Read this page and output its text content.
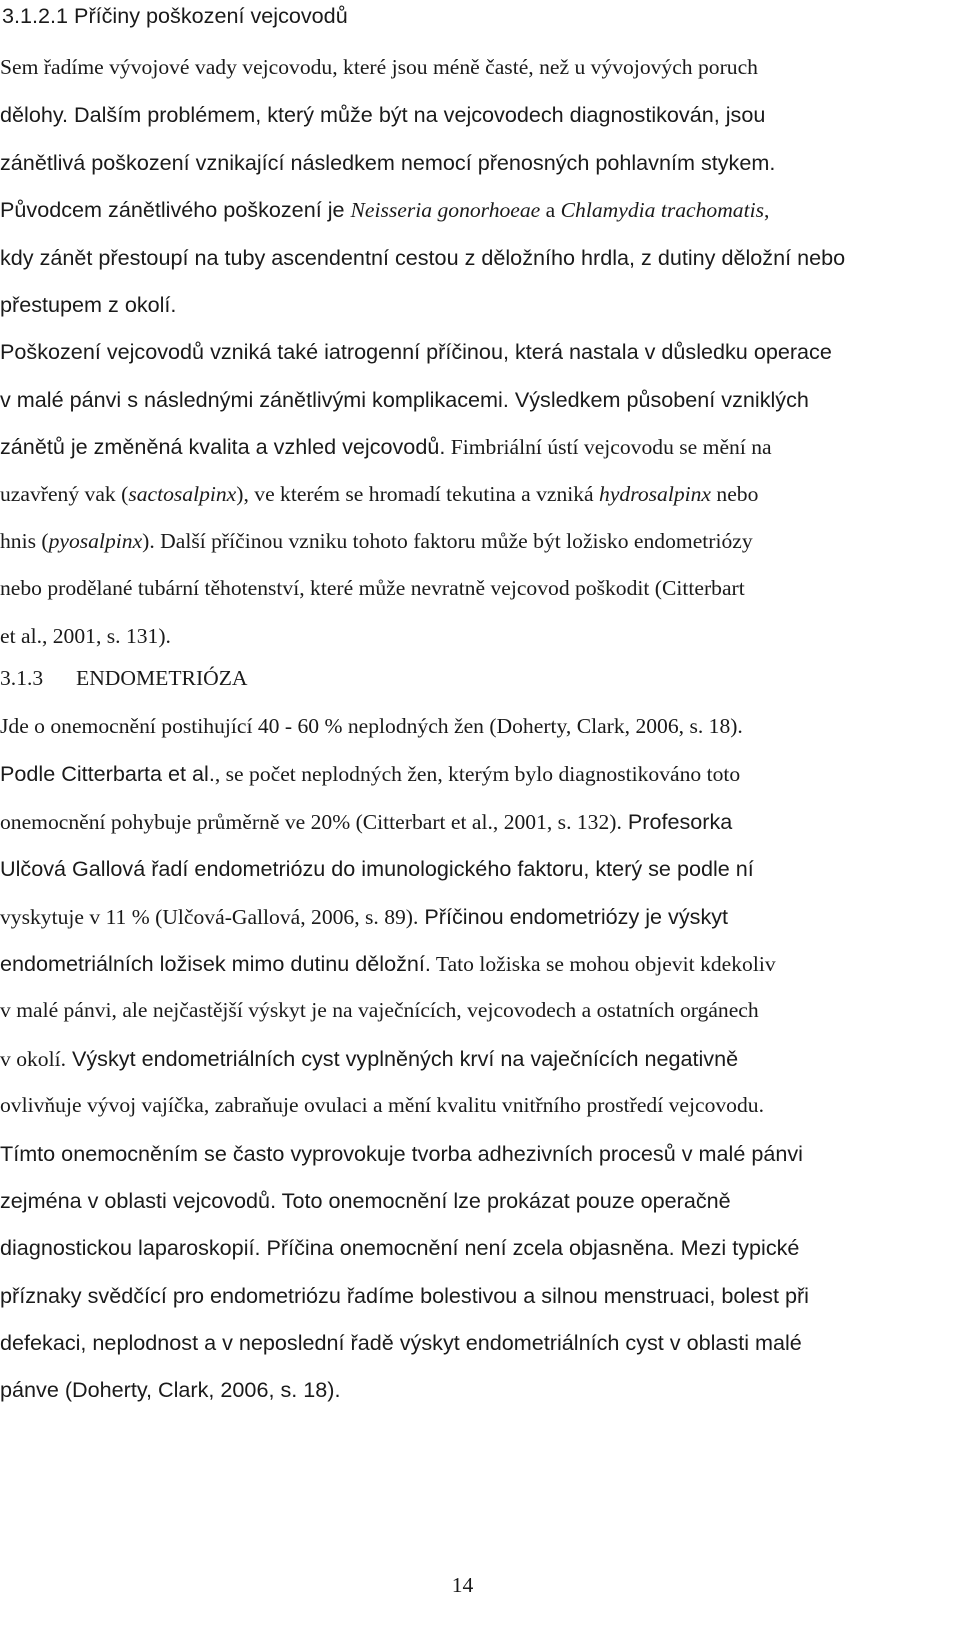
3.1.2.1 Příčiny poškození vejcovodů
Sem řadíme vývojové vady vejcovodu, které jsou méně časté, než u vývojových poruch
dělohy. Dalším problémem, který může být na vejcovodech diagnostikován, jsou
zánětlivá poškození vznikající následkem nemocí přenosných pohlavním stykem.
Původcem zánětlivého poškození je Neisseria gonorhoeae a Chlamydia trachomatis,
kdy zánět přestoupí na tuby ascendentní cestou z děložního hrdla, z dutiny děložní nebo
přestupem z okolí.
Poškození vejcovodů vzniká také iatrogenní příčinou, která nastala v důsledku operace
v malé pánvi s následnými zánětlivými komplikacemi. Výsledkem působení vzniklých
zánětů je změněná kvalita a vzhled vejcovodů. Fimbriální ústí vejcovodu se mění na
uzavřený vak (sactosalpinx), ve kterém se hromadí tekutina a vzniká hydrosalpinx nebo
hnis (pyosalpinx). Další příčinou vzniku tohoto faktoru může být ložisko endometriózy
nebo prodělané tubární těhotenství, které může nevratně vejcovod poškodit (Citterbart
et al., 2001, s. 131).
3.1.3 ENDOMETRIÓZA
Jde o onemocnění postihující 40 - 60 % neplodných žen (Doherty, Clark, 2006, s. 18).
Podle Citterbarta et al., se počet neplodných žen, kterým bylo diagnostikováno toto
onemocnění pohybuje průměrně ve 20% (Citterbart et al., 2001, s. 132). Profesorka
Ulčová Gallová řadí endometriózu do imunologického faktoru, který se podle ní
vyskytuje v 11 % (Ulčová-Gallová, 2006, s. 89). Příčinou endometriózy je výskyt
endometriálních ložisek mimo dutinu děložní. Tato ložiska se mohou objevit kdekoliv
v malé pánvi, ale nejčastější výskyt je na vaječnících, vejcovodech a ostatních orgánech
v okolí. Výskyt endometriálních cyst vyplněných krví na vaječnících negativně
ovlivňuje vývoj vajíčka, zabraňuje ovulaci a mění kvalitu vnitřního prostředí vejcovodu.
Tímto onemocněním se často vyprovokuje tvorba adhezivních procesů v malé pánvi
zejména v oblasti vejcovodů. Toto onemocnění lze prokázat pouze operačně
diagnostickou laparoskopií. Příčina onemocnění není zcela objasněna. Mezi typické
příznaky svědčící pro endometriózu řadíme bolestivou a silnou menstruaci, bolest při
defekaci, neplodnost a v neposlední řadě výskyt endometriálních cyst v oblasti malé
pánve (Doherty, Clark, 2006, s. 18).
14
